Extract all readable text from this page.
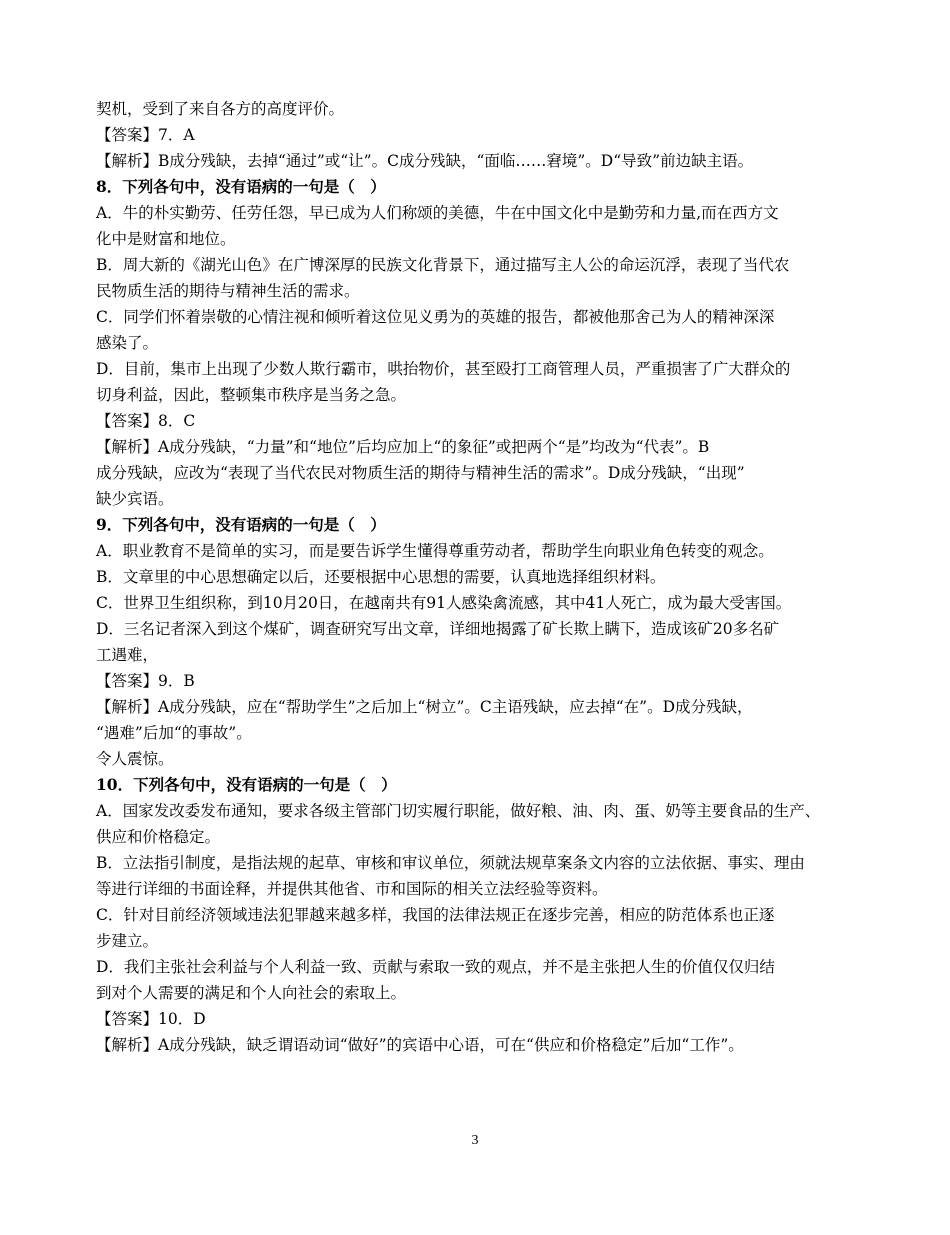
契机，受到了来自各方的高度评价。
【答案】7．A
【解析】B成分残缺，去掉“通过”或“让”。C成分残缺，“面临……窘境”。D“导致”前边缺主语。
8．下列各句中，没有语病的一句是（　）
A．牛的朴实勤劳、任劳任怨，早已成为人们称颂的美德，牛在中国文化中是勤劳和力量,而在西方文
化中是财富和地位。
B．周大新的《湖光山色》在广博深厚的民族文化背景下，通过描写主人公的命运沉浮，表现了当代农
民物质生活的期待与精神生活的需求。
C．同学们怀着崇敬的心情注视和倾听着这位见义勇为的英雄的报告，都被他那舍己为人的精神深深
感染了。
D．目前，集市上出现了少数人欺行霸市，哄抬物价，甚至殴打工商管理人员，严重损害了广大群众的
切身利益，因此，整顿集市秩序是当务之急。
【答案】8．C
【解析】A成分残缺，“力量”和“地位”后均应加上“的象征”或把两个“是”均改为“代表”。B
成分残缺，应改为“表现了当代农民对物质生活的期待与精神生活的需求”。D成分残缺，“出现”
缺少宾语。
9．下列各句中，没有语病的一句是（　）
A．职业教育不是简单的实习，而是要告诉学生懂得尊重劳动者，帮助学生向职业角色转变的观念。
B．文章里的中心思想确定以后，还要根据中心思想的需要，认真地选择组织材料。
C．世界卫生组织称，到10月20日，在越南共有91人感染禽流感，其中41人死亡，成为最大受害国。
D．三名记者深入到这个煤矿，调查研究写出文章，详细地揭露了矿长欺上瞒下，造成该矿20多名矿
工遇难，
【答案】9．B
【解析】A成分残缺，应在“帮助学生”之后加上“树立”。C主语残缺，应去掉“在”。D成分残缺，
“遇难”后加“的事故”。
令人震惊。
10．下列各句中，没有语病的一句是（　）
A．国家发改委发布通知，要求各级主管部门切实履行职能，做好粮、油、肉、蛋、奶等主要食品的生产、
供应和价格稳定。
B．立法指引制度，是指法规的起草、审核和审议单位，须就法规草案条文内容的立法依据、事实、理由
等进行详细的书面诠释，并提供其他省、市和国际的相关立法经验等资料。
C．针对目前经济领域违法犯罪越来越多样，我国的法律法规正在逐步完善，相应的防范体系也正逐
步建立。
D．我们主张社会利益与个人利益一致、贡献与索取一致的观点，并不是主张把人生的价值仅仅归结
到对个人需要的满足和个人向社会的索取上。
【答案】10．D
【解析】A成分残缺，缺乏谓语动词“做好”的宾语中心语，可在“供应和价格稳定”后加“工作”。
3
